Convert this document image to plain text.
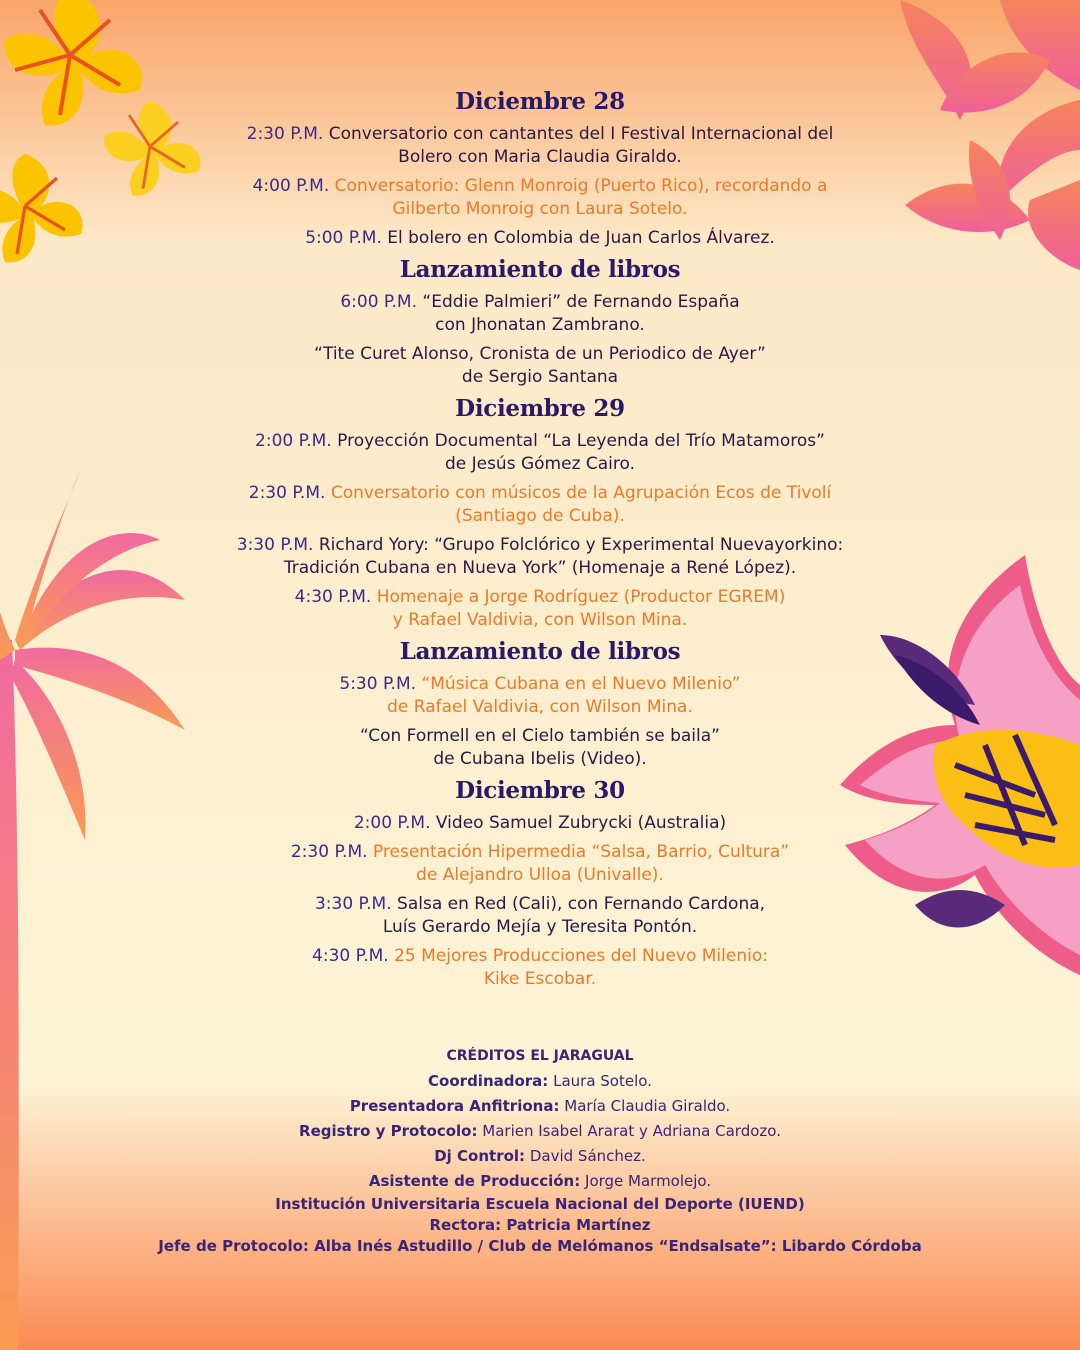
Diciembre 28
2:30 P.M. Conversatorio con cantantes del I Festival Internacional del
Bolero con Maria Claudia Giraldo.
4:00 P.M. Conversatorio: Glenn Monroig (Puerto Rico), recordando a
Gilberto Monroig con Laura Sotelo.
5:00 P.M. El bolero en Colombia de Juan Carlos Álvarez.
Lanzamiento de libros
6:00 P.M. “Eddie Palmieri” de Fernando España
con Jhonatan Zambrano.
“Tite Curet Alonso, Cronista de un Periodico de Ayer”
de Sergio Santana
Diciembre 29
2:00 P.M. Proyección Documental “La Leyenda del Trío Matamoros”
de Jesús Gómez Cairo.
2:30 P.M. Conversatorio con músicos de la Agrupación Ecos de Tivolí
(Santiago de Cuba).
3:30 P.M. Richard Yory: “Grupo Folclórico y Experimental Nuevayorkino:
Tradición Cubana en Nueva York” (Homenaje a René López).
4:30 P.M. Homenaje a Jorge Rodríguez (Productor EGREM)
y Rafael Valdivia, con Wilson Mina.
Lanzamiento de libros
5:30 P.M. “Música Cubana en el Nuevo Milenio”
de Rafael Valdivia, con Wilson Mina.
“Con Formell en el Cielo también se baila”
de Cubana Ibelis (Video).
Diciembre 30
2:00 P.M. Video Samuel Zubrycki (Australia)
2:30 P.M. Presentación Hipermedia “Salsa, Barrio, Cultura”
de Alejandro Ulloa (Univalle).
3:30 P.M. Salsa en Red (Cali), con Fernando Cardona,
Luís Gerardo Mejía y Teresita Pontón.
4:30 P.M. 25 Mejores Producciones del Nuevo Milenio:
Kike Escobar.
CRÉDITOS EL JARAGUAL
Coordinadora: Laura Sotelo.
Presentadora Anfitriona: María Claudia Giraldo.
Registro y Protocolo: Marien Isabel Ararat y Adriana Cardozo.
Dj Control: David Sánchez.
Asistente de Producción: Jorge Marmolejo.
Institución Universitaria Escuela Nacional del Deporte (IUEND)
Rectora: Patricia Martínez
Jefe de Protocolo: Alba Inés Astudillo / Club de Melómanos “Endsalsate”: Libardo Córdoba
